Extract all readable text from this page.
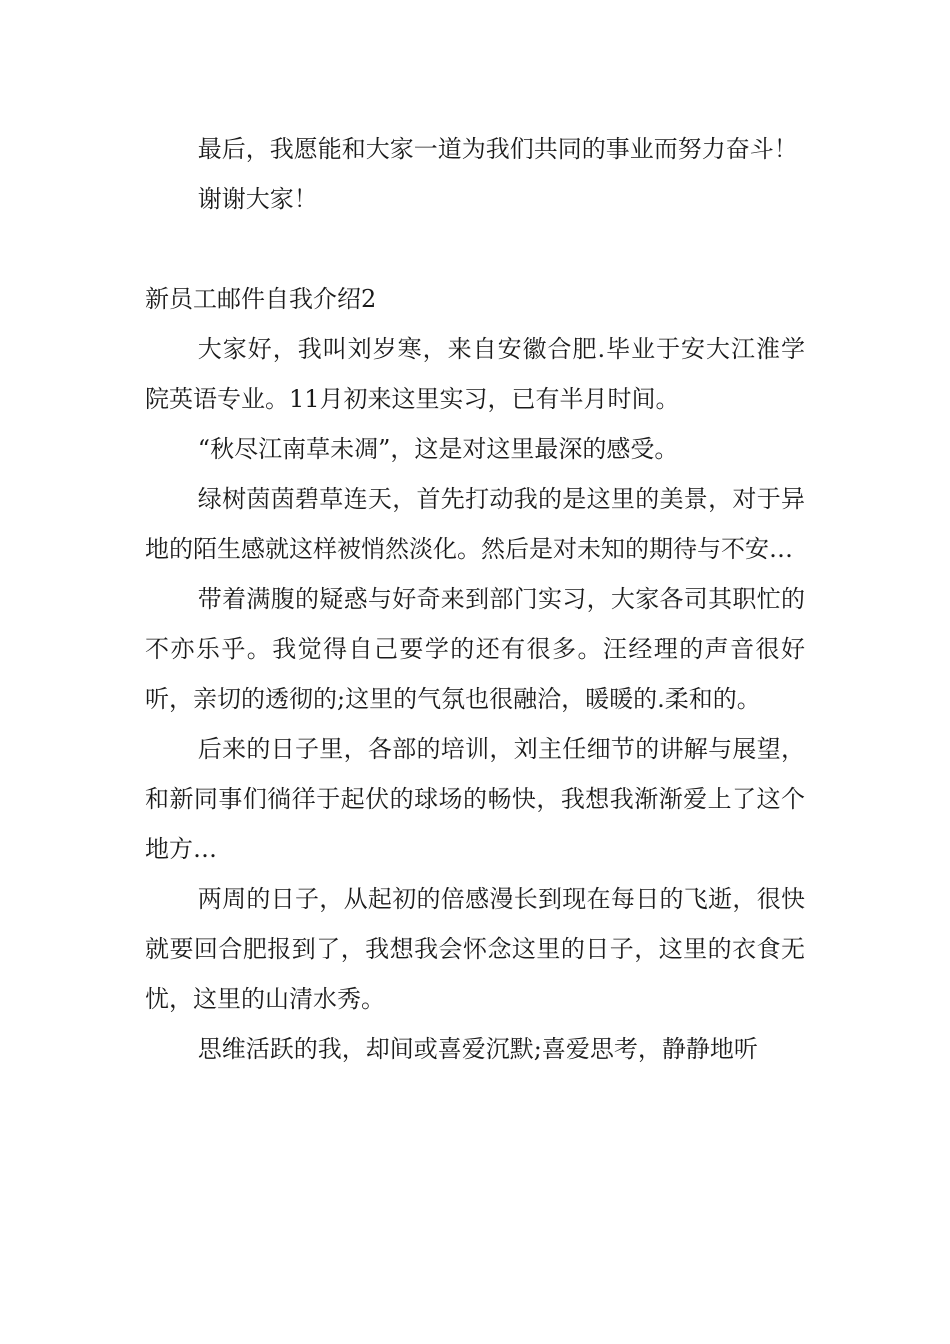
最后，我愿能和大家一道为我们共同的事业而努力奋斗！

谢谢大家！

新员工邮件自我介绍2

大家好，我叫刘岁寒，来自安徽合肥.毕业于安大江淮学院英语专业。11月初来这里实习，已有半月时间。

“秋尽江南草未凋”，这是对这里最深的感受。

绿树茵茵碧草连天，首先打动我的是这里的美景，对于异地的陌生感就这样被悄然淡化。然后是对未知的期待与不安…

带着满腹的疑惑与好奇来到部门实习，大家各司其职忙的不亦乐乎。我觉得自己要学的还有很多。汪经理的声音很好听，亲切的透彻的;这里的气氛也很融洽，暖暖的.柔和的。

后来的日子里，各部的培训，刘主任细节的讲解与展望，和新同事们徜徉于起伏的球场的畅快，我想我渐渐爱上了这个地方…

两周的日子，从起初的倍感漫长到现在每日的飞逝，很快就要回合肥报到了，我想我会怀念这里的日子，这里的衣食无忧，这里的山清水秀。

思维活跃的我，却间或喜爱沉默;喜爱思考，静静地听
